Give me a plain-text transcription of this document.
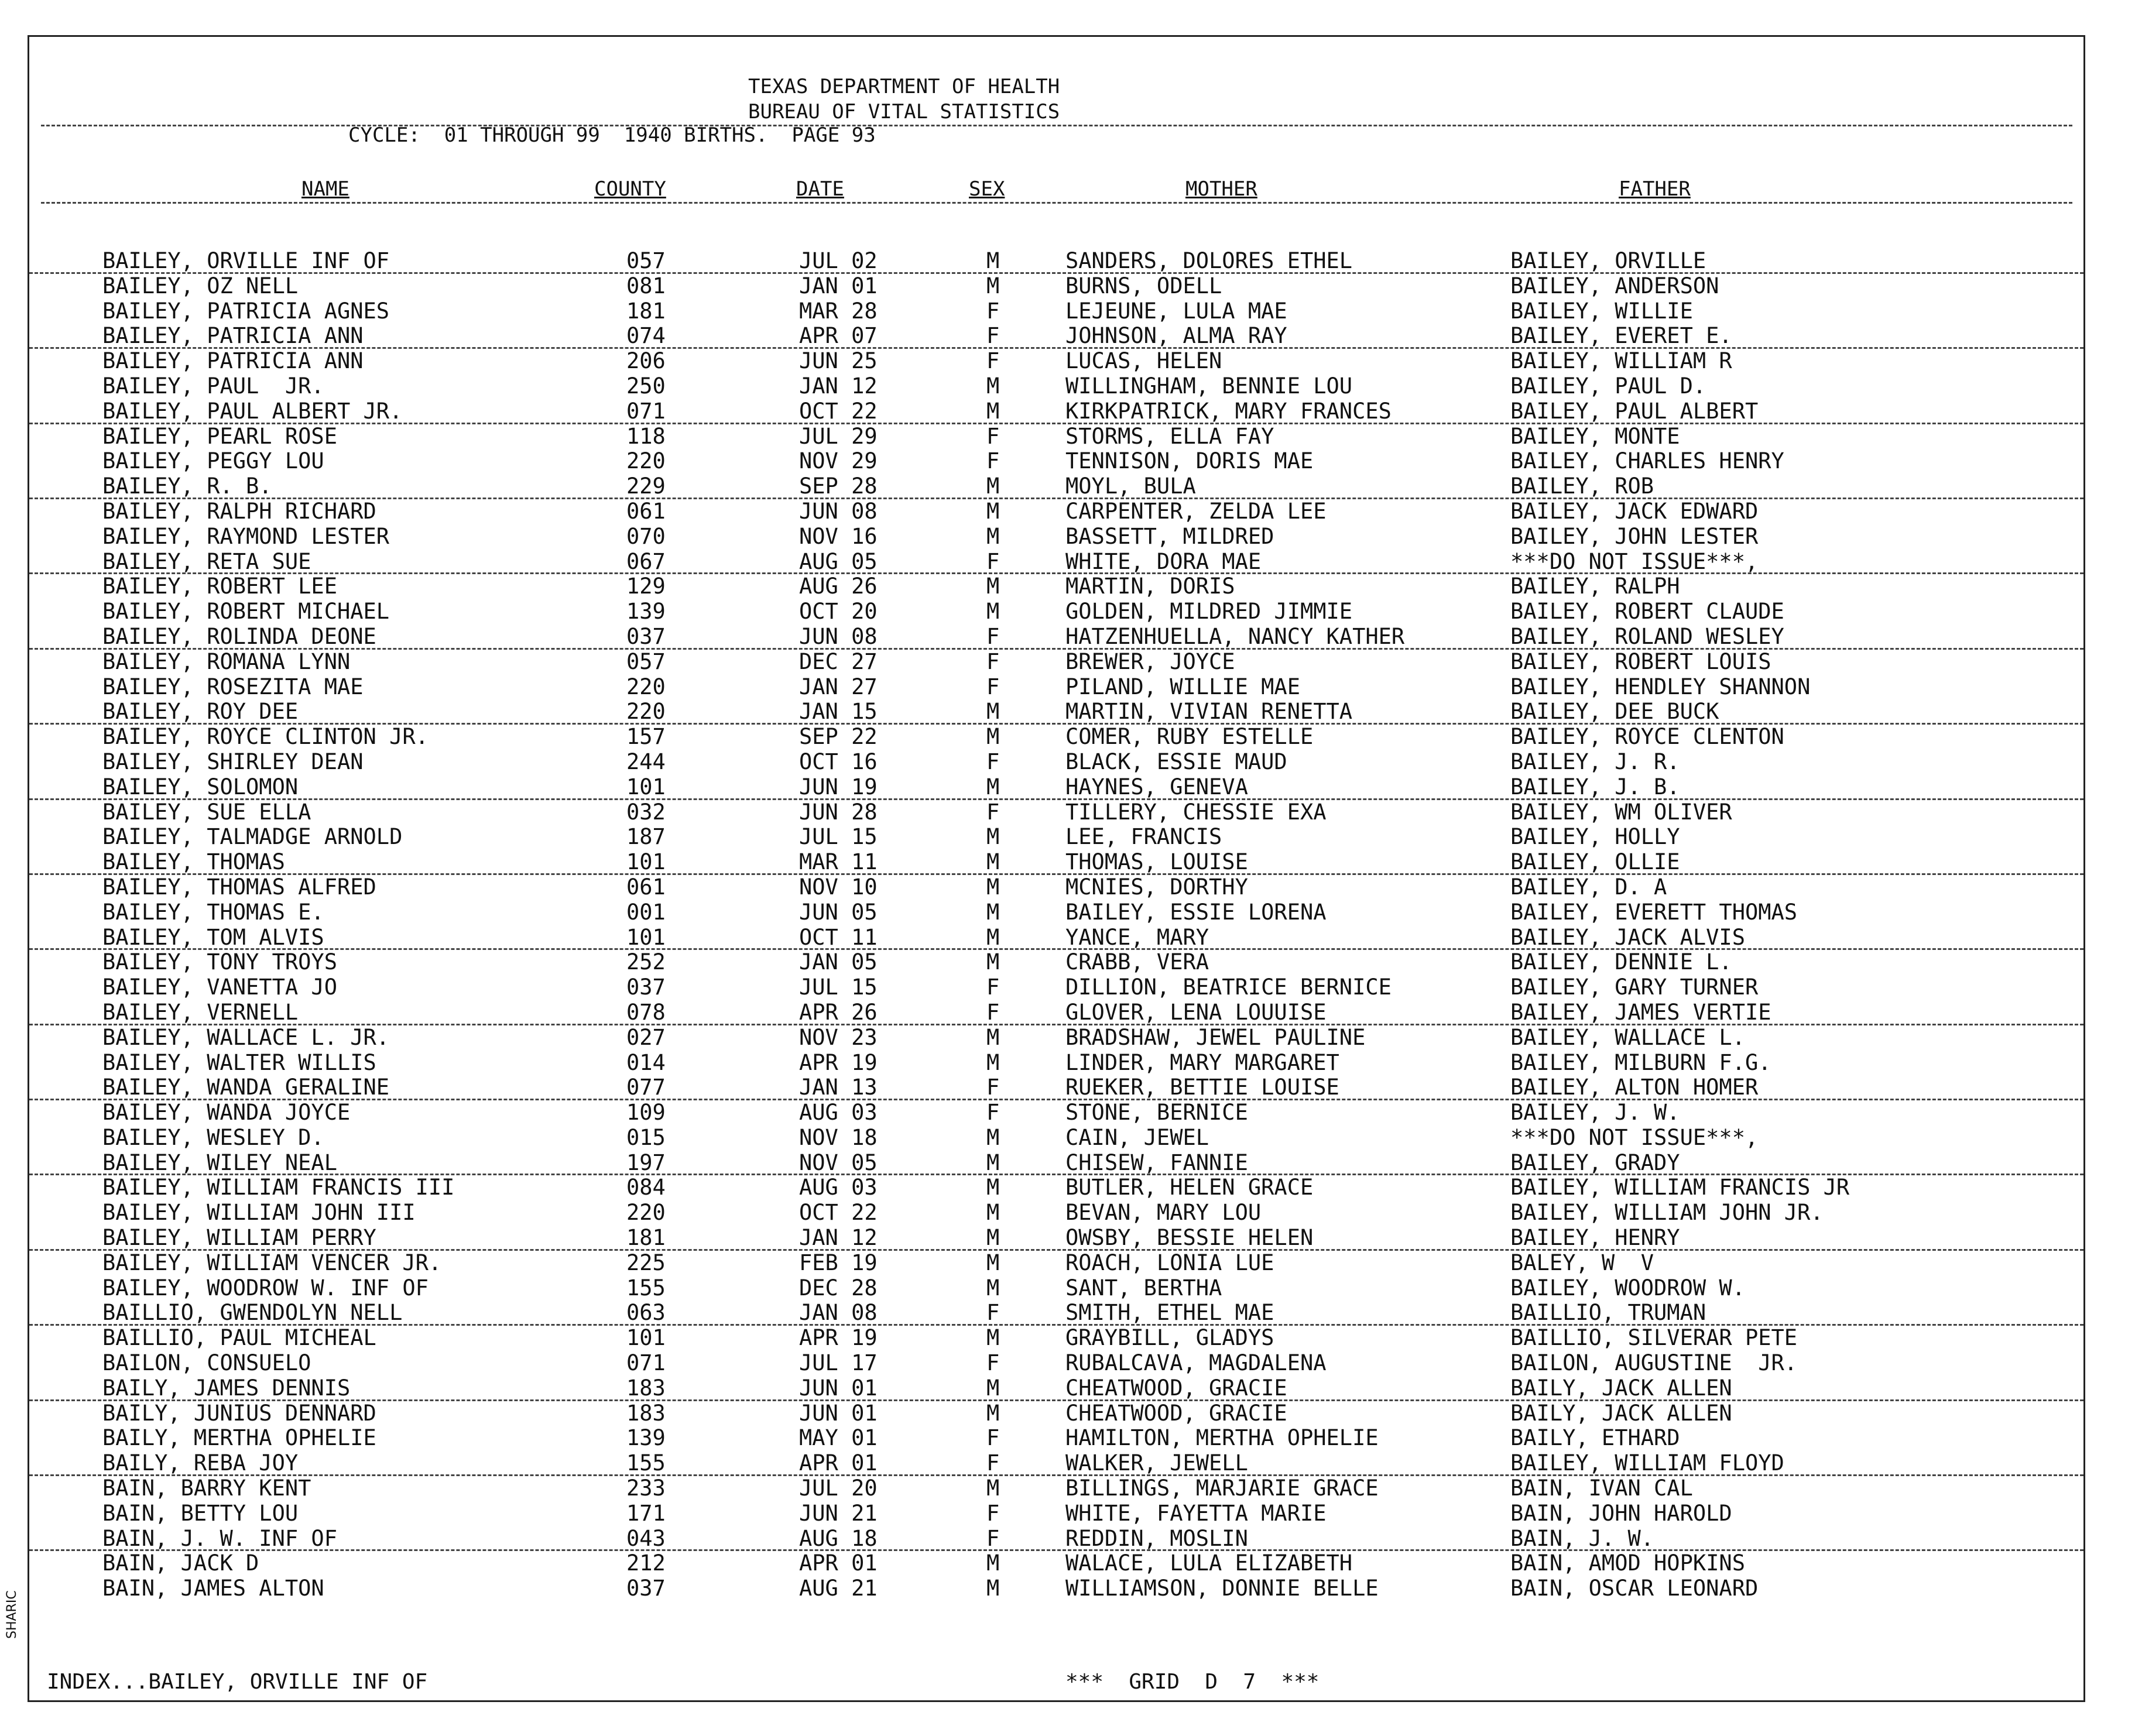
TEXAS DEPARTMENT OF HEALTH
BUREAU OF VITAL STATISTICS
CYCLE:  01 THROUGH 99  1940 BIRTHS.  PAGE 93
NAME	COUNTY	DATE	SEX	MOTHER	FATHER
BAILEY, ORVILLE INF OF	057	JUL 02	M	SANDERS, DOLORES ETHEL	BAILEY, ORVILLE
BAILEY, OZ NELL	081	JAN 01	M	BURNS, ODELL	BAILEY, ANDERSON
BAILEY, PATRICIA AGNES	181	MAR 28	F	LEJEUNE, LULA MAE	BAILEY, WILLIE
BAILEY, PATRICIA ANN	074	APR 07	F	JOHNSON, ALMA RAY	BAILEY, EVERET E.
BAILEY, PATRICIA ANN	206	JUN 25	F	LUCAS, HELEN	BAILEY, WILLIAM R
BAILEY, PAUL  JR.	250	JAN 12	M	WILLINGHAM, BENNIE LOU	BAILEY, PAUL D.
BAILEY, PAUL ALBERT JR.	071	OCT 22	M	KIRKPATRICK, MARY FRANCES	BAILEY, PAUL ALBERT
BAILEY, PEARL ROSE	118	JUL 29	F	STORMS, ELLA FAY	BAILEY, MONTE
BAILEY, PEGGY LOU	220	NOV 29	F	TENNISON, DORIS MAE	BAILEY, CHARLES HENRY
BAILEY, R. B.	229	SEP 28	M	MOYL, BULA	BAILEY, ROB
BAILEY, RALPH RICHARD	061	JUN 08	M	CARPENTER, ZELDA LEE	BAILEY, JACK EDWARD
BAILEY, RAYMOND LESTER	070	NOV 16	M	BASSETT, MILDRED	BAILEY, JOHN LESTER
BAILEY, RETA SUE	067	AUG 05	F	WHITE, DORA MAE	***DO NOT ISSUE***,
BAILEY, ROBERT LEE	129	AUG 26	M	MARTIN, DORIS	BAILEY, RALPH
BAILEY, ROBERT MICHAEL	139	OCT 20	M	GOLDEN, MILDRED JIMMIE	BAILEY, ROBERT CLAUDE
BAILEY, ROLINDA DEONE	037	JUN 08	F	HATZENHUELLA, NANCY KATHER	BAILEY, ROLAND WESLEY
BAILEY, ROMANA LYNN	057	DEC 27	F	BREWER, JOYCE	BAILEY, ROBERT LOUIS
BAILEY, ROSEZITA MAE	220	JAN 27	F	PILAND, WILLIE MAE	BAILEY, HENDLEY SHANNON
BAILEY, ROY DEE	220	JAN 15	M	MARTIN, VIVIAN RENETTA	BAILEY, DEE BUCK
BAILEY, ROYCE CLINTON JR.	157	SEP 22	M	COMER, RUBY ESTELLE	BAILEY, ROYCE CLENTON
BAILEY, SHIRLEY DEAN	244	OCT 16	F	BLACK, ESSIE MAUD	BAILEY, J. R.
BAILEY, SOLOMON	101	JUN 19	M	HAYNES, GENEVA	BAILEY, J. B.
BAILEY, SUE ELLA	032	JUN 28	F	TILLERY, CHESSIE EXA	BAILEY, WM OLIVER
BAILEY, TALMADGE ARNOLD	187	JUL 15	M	LEE, FRANCIS	BAILEY, HOLLY
BAILEY, THOMAS	101	MAR 11	M	THOMAS, LOUISE	BAILEY, OLLIE
BAILEY, THOMAS ALFRED	061	NOV 10	M	MCNIES, DORTHY	BAILEY, D. A
BAILEY, THOMAS E.	001	JUN 05	M	BAILEY, ESSIE LORENA	BAILEY, EVERETT THOMAS
BAILEY, TOM ALVIS	101	OCT 11	M	YANCE, MARY	BAILEY, JACK ALVIS
BAILEY, TONY TROYS	252	JAN 05	M	CRABB, VERA	BAILEY, DENNIE L.
BAILEY, VANETTA JO	037	JUL 15	F	DILLION, BEATRICE BERNICE	BAILEY, GARY TURNER
BAILEY, VERNELL	078	APR 26	F	GLOVER, LENA LOUUISE	BAILEY, JAMES VERTIE
BAILEY, WALLACE L. JR.	027	NOV 23	M	BRADSHAW, JEWEL PAULINE	BAILEY, WALLACE L.
BAILEY, WALTER WILLIS	014	APR 19	M	LINDER, MARY MARGARET	BAILEY, MILBURN F.G.
BAILEY, WANDA GERALINE	077	JAN 13	F	RUEKER, BETTIE LOUISE	BAILEY, ALTON HOMER
BAILEY, WANDA JOYCE	109	AUG 03	F	STONE, BERNICE	BAILEY, J. W.
BAILEY, WESLEY D.	015	NOV 18	M	CAIN, JEWEL	***DO NOT ISSUE***,
BAILEY, WILEY NEAL	197	NOV 05	M	CHISEW, FANNIE	BAILEY, GRADY
BAILEY, WILLIAM FRANCIS III	084	AUG 03	M	BUTLER, HELEN GRACE	BAILEY, WILLIAM FRANCIS JR
BAILEY, WILLIAM JOHN III	220	OCT 22	M	BEVAN, MARY LOU	BAILEY, WILLIAM JOHN JR.
BAILEY, WILLIAM PERRY	181	JAN 12	M	OWSBY, BESSIE HELEN	BAILEY, HENRY
BAILEY, WILLIAM VENCER JR.	225	FEB 19	M	ROACH, LONIA LUE	BALEY, W  V
BAILEY, WOODROW W. INF OF	155	DEC 28	M	SANT, BERTHA	BAILEY, WOODROW W.
BAILLIO, GWENDOLYN NELL	063	JAN 08	F	SMITH, ETHEL MAE	BAILLIO, TRUMAN
BAILLIO, PAUL MICHEAL	101	APR 19	M	GRAYBILL, GLADYS	BAILLIO, SILVERAR PETE
BAILON, CONSUELO	071	JUL 17	F	RUBALCAVA, MAGDALENA	BAILON, AUGUSTINE  JR.
BAILY, JAMES DENNIS	183	JUN 01	M	CHEATWOOD, GRACIE	BAILY, JACK ALLEN
BAILY, JUNIUS DENNARD	183	JUN 01	M	CHEATWOOD, GRACIE	BAILY, JACK ALLEN
BAILY, MERTHA OPHELIE	139	MAY 01	F	HAMILTON, MERTHA OPHELIE	BAILY, ETHARD
BAILY, REBA JOY	155	APR 01	F	WALKER, JEWELL	BAILEY, WILLIAM FLOYD
BAIN, BARRY KENT	233	JUL 20	M	BILLINGS, MARJARIE GRACE	BAIN, IVAN CAL
BAIN, BETTY LOU	171	JUN 21	F	WHITE, FAYETTA MARIE	BAIN, JOHN HAROLD
BAIN, J. W. INF OF	043	AUG 18	F	REDDIN, MOSLIN	BAIN, J. W.
BAIN, JACK D	212	APR 01	M	WALACE, LULA ELIZABETH	BAIN, AMOD HOPKINS
BAIN, JAMES ALTON	037	AUG 21	M	WILLIAMSON, DONNIE BELLE	BAIN, OSCAR LEONARD
INDEX...BAILEY, ORVILLE INF OF	***  GRID  D  7  ***
SHARIC
